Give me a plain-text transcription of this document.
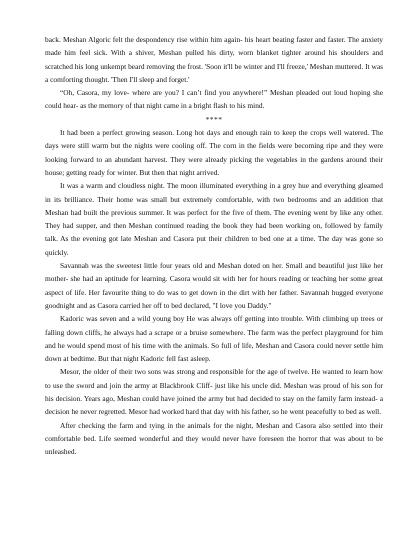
back. Meshan Algoric felt the despondency rise within him again- his heart beating faster and faster. The anxiety made him feel sick. With a shiver, Meshan pulled his dirty, worn blanket tighter around his shoulders and scratched his long unkempt beard removing the frost. 'Soon it'll be winter and I'll freeze,' Meshan muttered. It was a comforting thought. 'Then I'll sleep and forget.'

“Oh, Casora, my love- where are you? I can’t find you anywhere!” Meshan pleaded out loud hoping she could hear- as the memory of that night came in a bright flash to his mind.

****

It had been a perfect growing season. Long hot days and enough rain to keep the crops well watered. The days were still warm but the nights were cooling off. The corn in the fields were becoming ripe and they were looking forward to an abundant harvest. They were already picking the vegetables in the gardens around their house; getting ready for winter. But then that night arrived.

It was a warm and cloudless night. The moon illuminated everything in a grey hue and everything gleamed in its brilliance. Their home was small but extremely comfortable, with two bedrooms and an addition that Meshan had built the previous summer. It was perfect for the five of them. The evening went by like any other. They had supper, and then Meshan continued reading the book they had been working on, followed by family talk. As the evening got late Meshan and Casora put their children to bed one at a time. The day was gone so quickly.

Savannah was the sweetest little four years old and Meshan doted on her. Small and beautiful just like her mother- she had an aptitude for learning. Casora would sit with her for hours reading or teaching her some great aspect of life. Her favourite thing to do was to get down in the dirt with her father. Savannah hugged everyone goodnight and as Casora carried her off to bed declared, "I love you Daddy."

Kadoric was seven and a wild young boy He was always off getting into trouble. With climbing up trees or falling down cliffs, he always had a scrape or a bruise somewhere. The farm was the perfect playground for him and he would spend most of his time with the animals. So full of life, Meshan and Casora could never settle him down at bedtime. But that night Kadoric fell fast asleep.

Mesor, the older of their two sons was strong and responsible for the age of twelve. He wanted to learn how to use the sword and join the army at Blackbrook Cliff- just like his uncle did. Meshan was proud of his son for his decision. Years ago, Meshan could have joined the army but had decided to stay on the family farm instead- a decision he never regretted. Mesor had worked hard that day with his father, so he went peacefully to bed as well.

After checking the farm and tying in the animals for the night, Meshan and Casora also settled into their comfortable bed. Life seemed wonderful and they would never have foreseen the horror that was about to be unleashed.
